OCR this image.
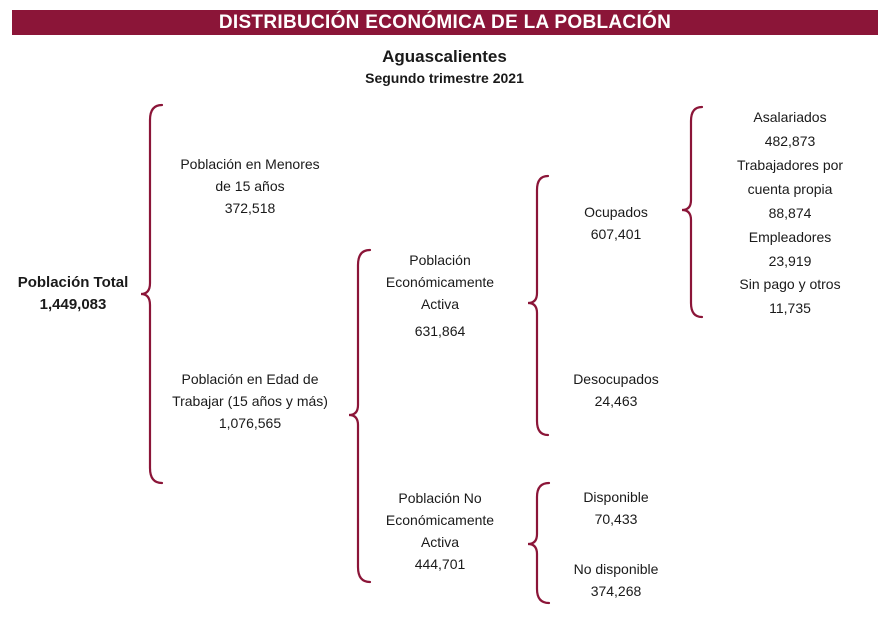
DISTRIBUCIÓN ECONÓMICA DE LA POBLACIÓN
Aguascalientes
Segundo trimestre 2021
Población Total
1,449,083
Población en Menores
de 15 años
372,518
Población en Edad de
Trabajar (15 años y más)
1,076,565
Población
Económicamente
Activa
631,864
Población No
Económicamente
Activa
444,701
Ocupados
607,401
Desocupados
24,463
Disponible
70,433
No disponible
374,268
Asalariados
482,873
Trabajadores por
cuenta propia
88,874
Empleadores
23,919
Sin pago y otros
11,735
